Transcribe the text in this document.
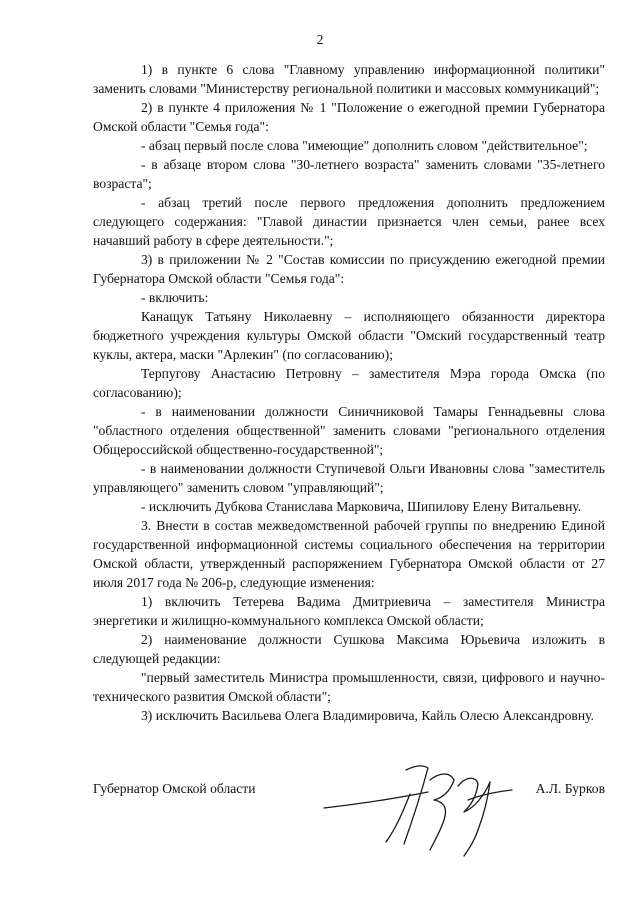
2

1) в пункте 6 слова "Главному управлению информационной политики" заменить словами "Министерству региональной политики и массовых коммуникаций";

2) в пункте 4 приложения № 1 "Положение о ежегодной премии Губернатора Омской области "Семья года":

- абзац первый после слова "имеющие" дополнить словом "действительное";

- в абзаце втором слова "30-летнего возраста" заменить словами "35-летнего возраста";

- абзац третий после первого предложения дополнить предложением следующего содержания: "Главой династии признается член семьи, ранее всех начавший работу в сфере деятельности.";

3) в приложении № 2 "Состав комиссии по присуждению ежегодной премии Губернатора Омской области "Семья года":

- включить:

Канащук Татьяну Николаевну – исполняющего обязанности директора бюджетного учреждения культуры Омской области "Омский государственный театр куклы, актера, маски "Арлекин" (по согласованию);

Терпугову Анастасию Петровну – заместителя Мэра города Омска (по согласованию);

- в наименовании должности Синичниковой Тамары Геннадьевны слова "областного отделения общественной" заменить словами "регионального отделения Общероссийской общественно-государственной";

- в наименовании должности Ступичевой Ольги Ивановны слова "заместитель управляющего" заменить словом "управляющий";

- исключить Дубкова Станислава Марковича, Шипилову Елену Витальевну.

3. Внести в состав межведомственной рабочей группы по внедрению Единой государственной информационной системы социального обеспечения на территории Омской области, утвержденный распоряжением Губернатора Омской области от 27 июля 2017 года № 206-р, следующие изменения:

1) включить Тетерева Вадима Дмитриевича – заместителя Министра энергетики и жилищно-коммунального комплекса Омской области;

2) наименование должности Сушкова Максима Юрьевича изложить в следующей редакции:

"первый заместитель Министра промышленности, связи, цифрового и научно-технического развития Омской области";

3) исключить Васильева Олега Владимировича, Кайль Олесю Александровну.

Губернатор Омской области	А.Л. Бурков
